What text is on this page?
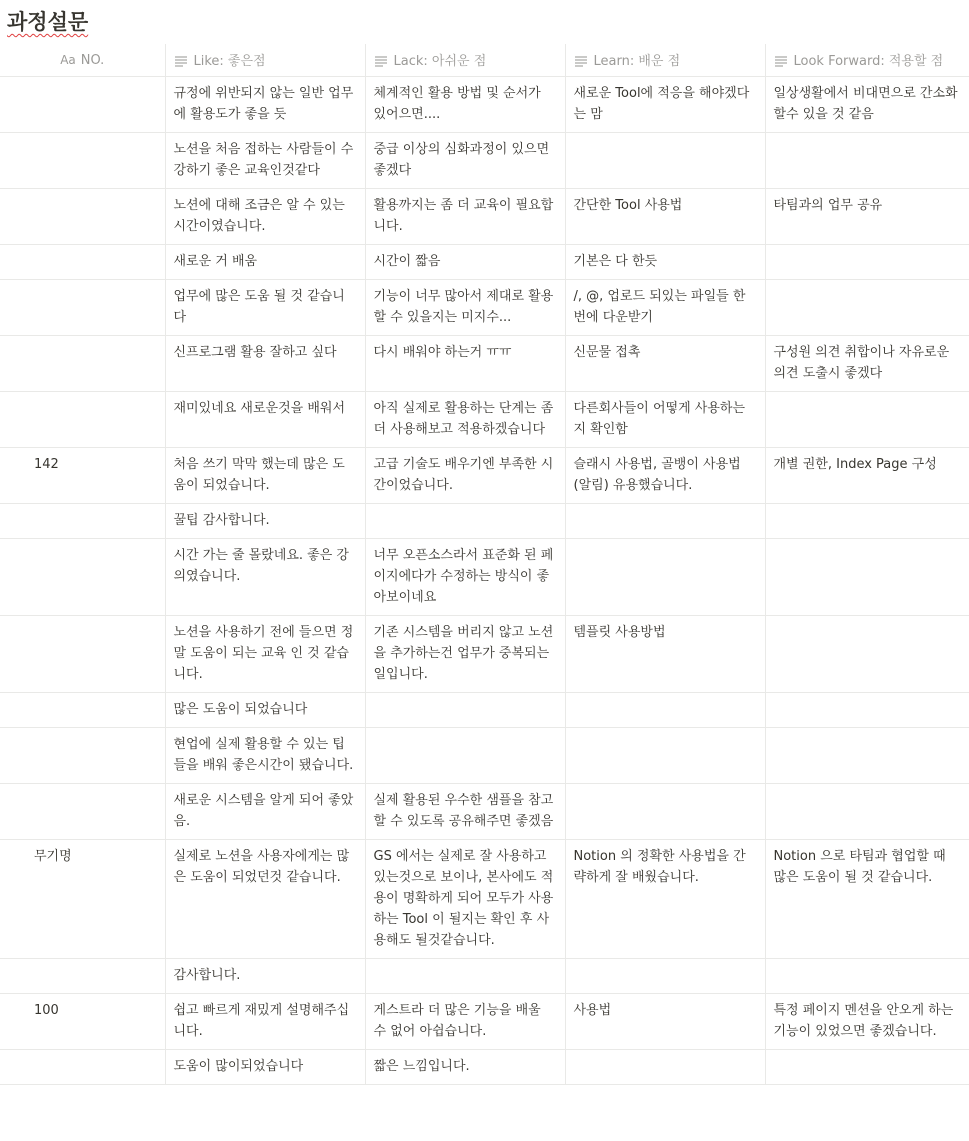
과정설문
Aa NO.	Like: 좋은점	Lack: 아쉬운 점	Learn: 배운 점	Look Forward: 적용할 점
	규정에 위반되지 않는 일반 업무에 활용도가 좋을 듯	체계적인 활용 방법 및 순서가 있어으면....	새로운 Tool에 적응을 해야겠다는 맘	일상생활에서 비대면으로 간소화 할수 있을 것 같음
	노션을 처음 접하는 사람들이 수강하기 좋은 교육인것같다	중급 이상의 심화과정이 있으면 좋겠다		
	노션에 대해 조금은 알 수 있는 시간이였습니다.	활용까지는 좀 더 교육이 필요합니다.	간단한 Tool 사용법	타팀과의 업무 공유
	새로운 거 배움	시간이 짧음	기본은 다 한듯	
	업무에 많은 도움 될 것 같습니다	기능이 너무 많아서 제대로 활용할 수 있을지는 미지수...	/, @, 업로드 되있는 파일들 한번에 다운받기	
	신프로그램 활용 잘하고 싶다	다시 배워야 하는거 ㅠㅠ	신문물 접촉	구성원 의견 취합이나 자유로운 의견 도출시 좋겠다
	재미있네요 새로운것을 배워서	아직 실제로 활용하는 단계는 좀 더 사용해보고 적용하겠습니다	다른회사들이 어떻게 사용하는지 확인함	
142	처음 쓰기 막막 했는데 많은 도움이 되었습니다.	고급 기술도 배우기엔 부족한 시간이었습니다.	슬래시 사용법, 골뱅이 사용법(알림) 유용했습니다.	개별 권한, Index Page 구성
	꿀팁 감사합니다.			
	시간 가는 줄 몰랐네요. 좋은 강의였습니다.	너무 오픈소스라서 표준화 된 페이지에다가 수정하는 방식이 좋아보이네요		
	노션을 사용하기 전에 들으면 정말 도움이 되는 교육 인 것 같습니다.	기존 시스템을 버리지 않고 노션을 추가하는건 업무가 중복되는 일입니다.	템플릿 사용방법	
	많은 도움이 되었습니다			
	현업에 실제 활용할 수 있는 팁들을 배워 좋은시간이 됐습니다.			
	새로운 시스템을 알게 되어 좋았음.	실제 활용된 우수한 샘플을 참고할 수 있도록 공유해주면 좋겠음		
무기명	실제로 노션을 사용자에게는 많은 도움이 되었던것 같습니다.	GS 에서는 실제로 잘 사용하고 있는것으로 보이나, 본사에도 적용이 명확하게 되어 모두가 사용하는 Tool 이 될지는 확인 후 사용해도 될것같습니다.	Notion 의 정확한 사용법을 간략하게 잘 배웠습니다.	Notion 으로 타팀과 협업할 때 많은 도움이 될 것 같습니다.
	감사합니다.			
100	쉽고 빠르게 재밌게 설명해주십니다.	게스트라 더 많은 기능을 배울 수 없어 아쉽습니다.	사용법	특정 페이지 멘션을 안오게 하는 기능이 있었으면 좋겠습니다.
	도움이 많이되었습니다	짧은 느낌입니다.		
